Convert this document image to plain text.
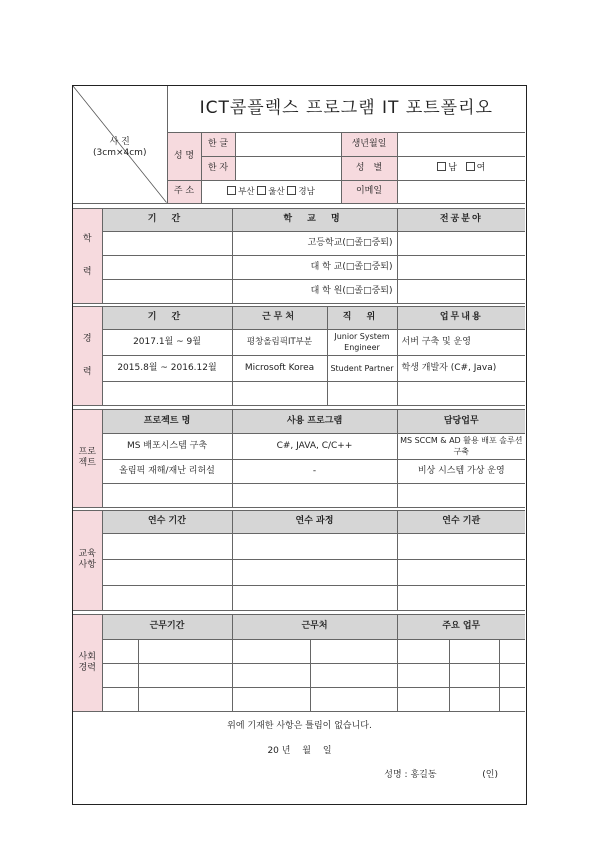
사 진
(3cm×4cm)	ICT콤플렉스 프로그램 IT 포트폴리오				
	성 명	한 글		생년월일	
		한 자		성　별	남 여
	주 소	부산 울산 경남		이메일	
학

력	기 간	학 교 명	전공분야
		고등학교(□졸□중퇴)	
		대 학 교(□졸□중퇴)	
		대 학 원(□졸□중퇴)	
경

력	기 간	근무처	직 위	업무내용
	2017.1월 ~ 9월	평창올림픽IT부분	Junior System Engineer	서버 구축 및 운영
	2015.8월 ~ 2016.12월	Microsoft Korea	Student Partner	학생 개발자 (C#, Java)

프로
젝트	프로젝트 명	사용 프로그램	담당업무
	MS 배포시스템 구축	C#, JAVA, C/C++	MS SCCM & AD 활용 배포 솔루션 구축
	올림픽 재해/재난 리허설	-	비상 시스템 가상 운영

교육
사항	연수 기간	연수 과정	연수 기관

사회
경력	근무기간		근무처		주요 업무		

위에 기재한 사항은 틀림이 없습니다.
20 년　 월　 일
성명 : 홍길동	(인)
